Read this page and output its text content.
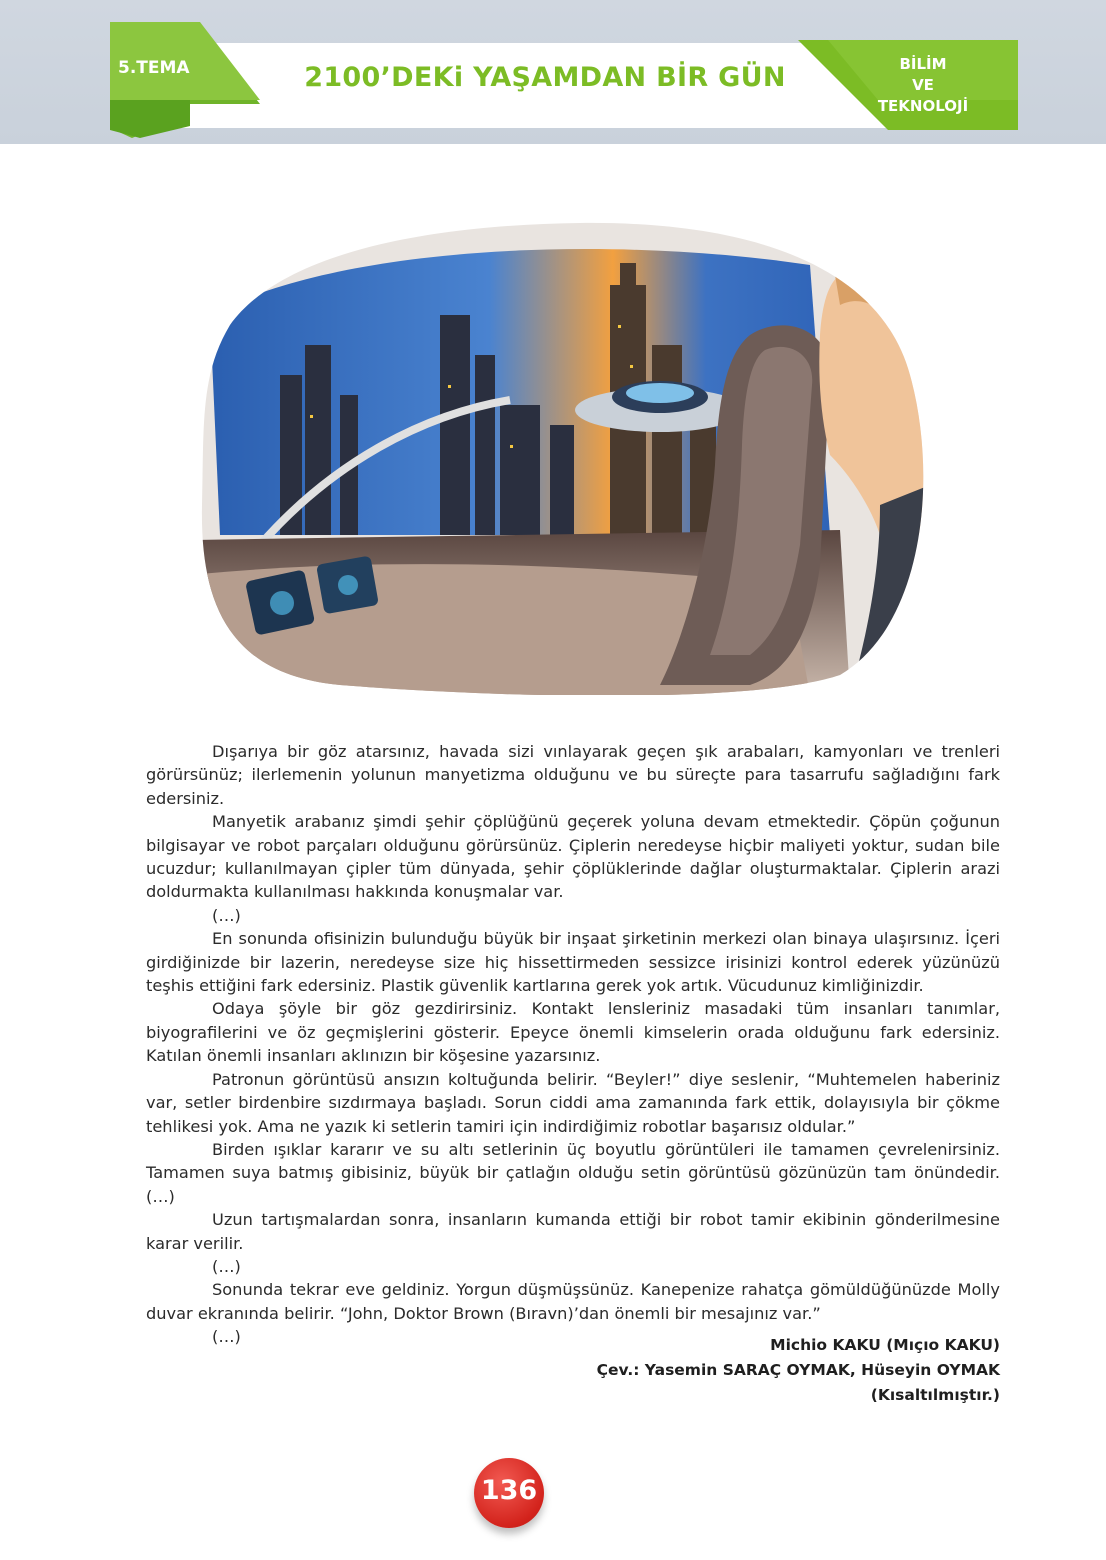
5.TEMA	2100’DEKi YAŞAMDAN BİR GÜN	BİLİM
VE
TEKNOLOJİ

Dışarıya bir göz atarsınız, havada sizi vınlayarak geçen şık arabaları, kamyonları ve trenleri görürsünüz; ilerlemenin yolunun manyetizma olduğunu ve bu süreçte para tasarrufu sağladığını fark edersiniz.

Manyetik arabanız şimdi şehir çöplüğünü geçerek yoluna devam etmektedir. Çöpün çoğunun bilgisayar ve robot parçaları olduğunu görürsünüz. Çiplerin neredeyse hiçbir maliyeti yoktur, sudan bile ucuzdur; kullanılmayan çipler tüm dünyada, şehir çöplüklerinde dağlar oluşturmaktalar. Çiplerin arazi doldurmakta kullanılması hakkında konuşmalar var.

(…)

En sonunda ofisinizin bulunduğu büyük bir inşaat şirketinin merkezi olan binaya ulaşırsınız. İçeri girdiğinizde bir lazerin, neredeyse size hiç hissettirmeden sessizce irisinizi kontrol ederek yüzünüzü teşhis ettiğini fark edersiniz. Plastik güvenlik kartlarına gerek yok artık. Vücudunuz kimliğinizdir.

Odaya şöyle bir göz gezdirirsiniz. Kontakt lensleriniz masadaki tüm insanları tanımlar, biyografilerini ve öz geçmişlerini gösterir. Epeyce önemli kimselerin orada olduğunu fark edersiniz. Katılan önemli insanları aklınızın bir köşesine yazarsınız.

Patronun görüntüsü ansızın koltuğunda belirir. “Beyler!” diye seslenir, “Muhtemelen haberiniz var, setler birdenbire sızdırmaya başladı. Sorun ciddi ama zamanında fark ettik, dolayısıyla bir çökme tehlikesi yok. Ama ne yazık ki setlerin tamiri için indirdiğimiz robotlar başarısız oldular.”

Birden ışıklar kararır ve su altı setlerinin üç boyutlu görüntüleri ile tamamen çevrelenirsiniz. Tamamen suya batmış gibisiniz, büyük bir çatlağın olduğu setin görüntüsü gözünüzün tam önündedir. (…)

Uzun tartışmalardan sonra, insanların kumanda ettiği bir robot tamir ekibinin gönderilmesine karar verilir.

(…)

Sonunda tekrar eve geldiniz. Yorgun düşmüşsünüz. Kanepenize rahatça gömüldüğünüzde Molly duvar ekranında belirir. “John, Doktor Brown (Bıravn)’dan önemli bir mesajınız var.”

(…)	Michio KAKU (Mıçıo KAKU)
Çev.: Yasemin SARAÇ OYMAK, Hüseyin OYMAK
(Kısaltılmıştır.)
136
